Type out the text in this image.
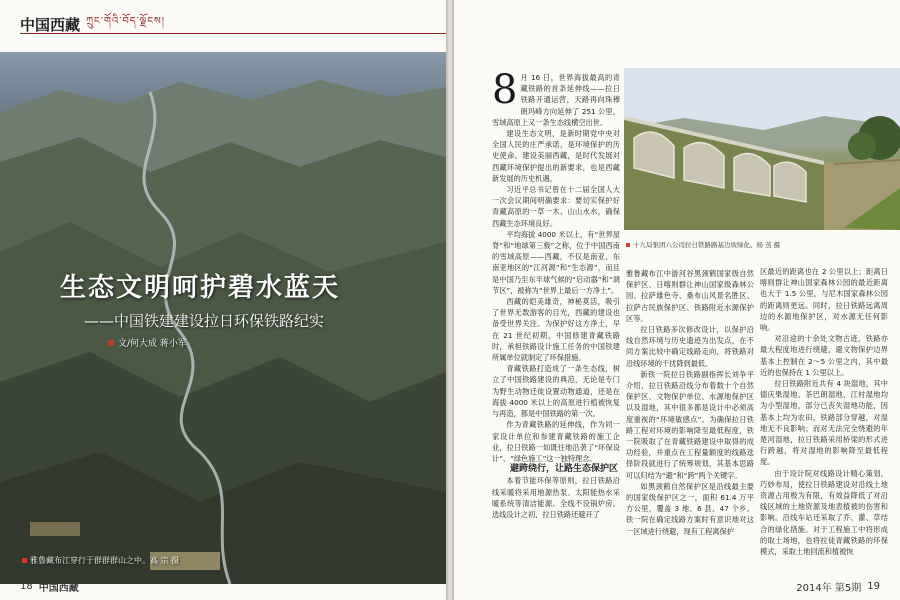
中国西藏 ཀྲུང་གོའི་བོད་ལྗོངས།
生态文明呵护碧水蓝天
——中国铁建建设拉日环保铁路纪实
文/何大成 蒋小军
雅鲁藏布江穿行于群群群山之中。高 宗 摄
18 中国西藏

8 月 16 日，世界海拔最高的青藏铁路的首条延伸线——拉日铁路开通运营，天路再向珠穆朗玛峰方向延伸了 251 公里，雪域高原上又一条生态线横空出世。

建设生态文明，是新时期党中央对全国人民的庄严承诺，是环境保护的历史使命。建设美丽西藏，是时代发展对西藏环境保护提出的新要求，也是西藏新发展的历史机遇。

习近平总书记曾在十二届全国人大一次会议期间明确要求：要切实保护好青藏高原的一草一木、山山水水，确保西藏生态环境良好。

平均海拔 4000 米以上，有“世界屋脊”和“地球第三极”之称，位于中国西南的雪域高原——西藏，不仅是南亚、东南亚地区的“江河源”和“生态源”，而且是中国乃至东半球气候的“启动器”和“调节区”，被称为“世界上最后一方净土”。

西藏的皑美雄奇，神秘莫活，吸引了世界无数游客的目光，西藏的建设也备受世界关注。为保护好这方净土，早在 21 世纪初期，中国修建青藏铁路时，承担铁路设计施工任务的中国铁建所属单位就制定了环保措施。

青藏铁路打造成了一条生态线，树立了中国铁路建设的典范，无论是专门为野生动物迁徙设置动物通道，还是在海拔 4000 米以上的高原进行植被恢复与再造，都是中国铁路的第一次。

作为青藏铁路的延伸线，作为同一家设计单位和参建青藏铁路的施工企业，拉日铁路一如既往地沿袭了“环保设计”、“绿色施工”这一独特理念。

避跨绕行，让路生态保护区

本着节能环保等原则，拉日铁路沿线采暖将采用地源热泵、太阳能热水采暖系统等清洁能源。全线不设锅炉房。选线设计之初，拉日铁路还避开了

十九局集团六公司拉日铁路路基边坡绿化。杨 蒸 摄

雅鲁藏布江中游河谷黑颈鹤国家级自然保护区、日喀则群让神山国家级森林公园、拉萨雄色寺、桑布山风景名胜区、拉萨古民族保护区、铁路附近水源保护区等。

拉日铁路多次修改设计，以保护沿线自然环境与历史遗迹为出发点，在不同方案比较中确定线路走向，将铁路对沿线环境的干扰降到最低。

新铁一院拉日铁路副指挥长刘争平介绍，拉日铁路沿线分布着数十个自然保护区、文物保护单位、水源地保护区以及湿地，其中很多都是设计中必须高度重视的“环境敏感点”。为确保拉日铁路工程对环境的影响降至最低程度，铁一院吸取了在青藏铁路建设中取得的成功经验，并重点在工程量额度的线路选择阶段就进行了统筹规划，其基本思路可以归结为“避”和“跨”两个关键字。

如黑颈鹤自然保护区是沿线最主要的国家级保护区之一，面积 61.4 万平方公里，覆盖 3 地、6 县、47 个乡。铁一院在确定线路方案时有意识地对这一区域进行绕避，现有工程离保护

区最近的距离也在 2 公里以上；距离日喀则群让神山国家森林公园的最近距离也大于 1.5 公里，与尼木国家森林公园的距离则更远。同时，拉日铁路远离周边的水源地保护区，对水源无任何影响。

对沿途的十余处文物古迹，铁路亦最大程度地进行绕避，避文物保护边界基本上控制在 2～5 公里之内，其中最近的也保持在 1 公里以上。

拉日铁路附近共有 4 块湿地，其中德庆果湿地、茶巴朗湿地、江村湿地均为小型湿地，部分已丧失湿地功能，因基本上均为农田，铁路部分穿越，对湿地无不良影响；而对无法完全绕避的年楚河湿地，拉日铁路采用桥梁的形式进行跨越，将对湿地的影响降至最低程度。

由于设计院对线路设计精心策划，巧妙布局，使拉日铁路建设对沿线土地资源占用极为有限，有效益降低了对沿线区域的土地资源及地表植被的伤害和影响。沿线车站还采取了乔、灌、草结合的绿化措施。对于工程施工中将形成的取土场地，也将拉徒青藏铁路的环保模式，采取土地回流和植被恢

2014年 第5期 19
